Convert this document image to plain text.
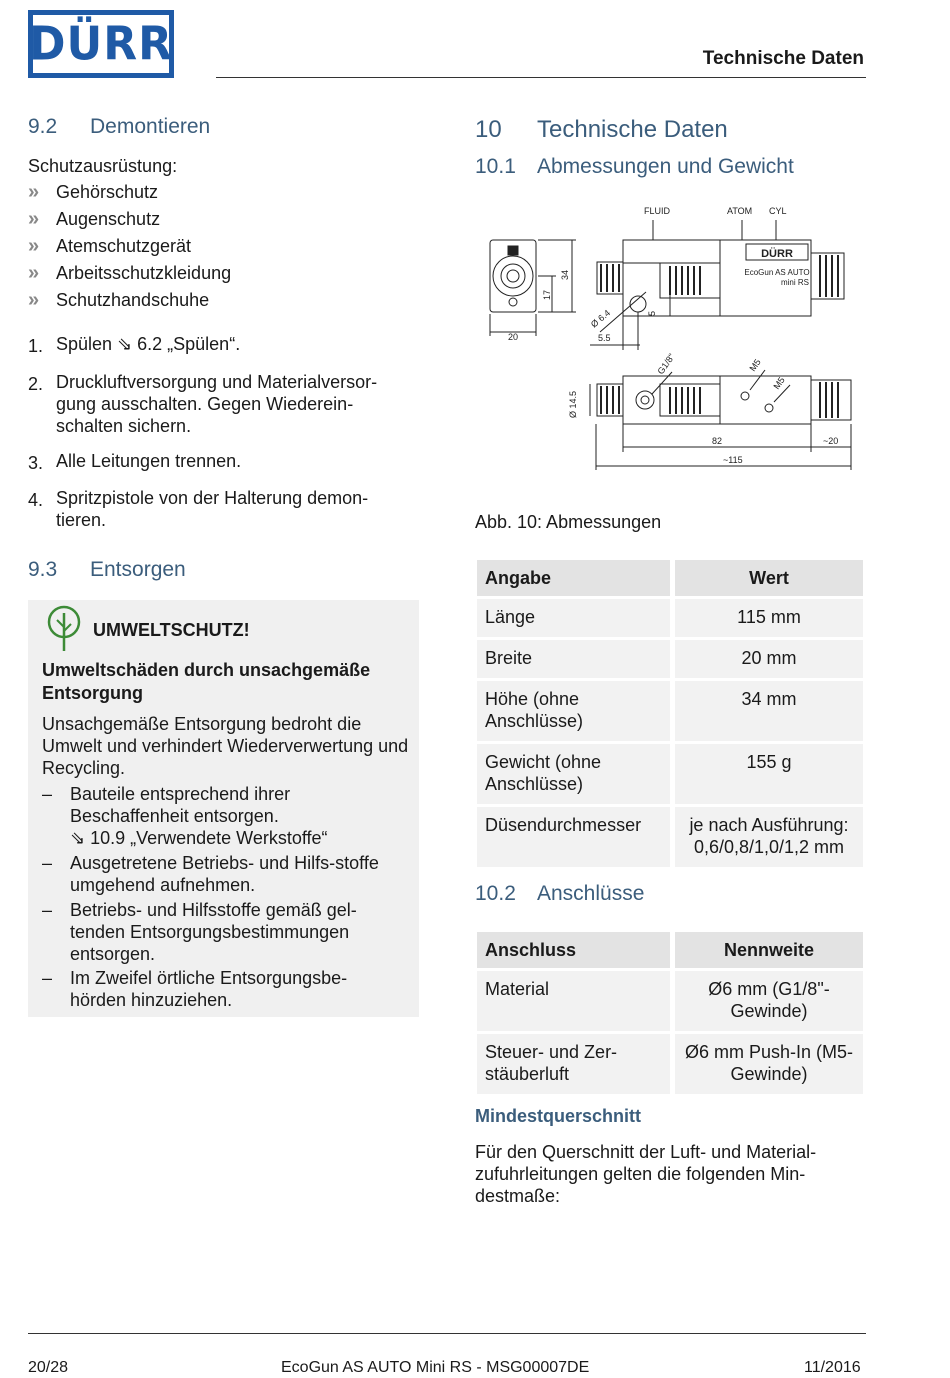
DÜRR	Technische Daten
9.2 Demontieren
Schutzausrüstung:
» Gehörschutz
» Augenschutz
» Atemschutzgerät
» Arbeitsschutzkleidung
» Schutzhandschuhe
1. Spülen ⇘ 6.2 „Spülen“.
2. Druckluftversorgung und Materialversor-gung ausschalten. Gegen Wiederein-schalten sichern.
3. Alle Leitungen trennen.
4. Spritzpistole von der Halterung demon-tieren.
9.3 Entsorgen
UMWELTSCHUTZ!
Umweltschäden durch unsachgemäße Entsorgung
Unsachgemäße Entsorgung bedroht die Umwelt und verhindert Wiederverwertung und Recycling.
– Bauteile entsprechend ihrer Beschaffenheit entsorgen.
⇘ 10.9 „Verwendete Werkstoffe“
– Ausgetretene Betriebs- und Hilfs-stoffe umgehend aufnehmen.
– Betriebs- und Hilfsstoffe gemäß gel-tenden Entsorgungsbestimmungen entsorgen.
– Im Zweifel örtliche Entsorgungsbe-hörden hinzuziehen.
10 Technische Daten
10.1 Abmessungen und Gewicht
DÜRR
EcoGun AS AUTO
mini RS
FLUID	ATOM CYL
20
34
17
Ø 6.4
5.5
5
G1/8"	M5
M5
Ø 14.5
82	~20
~115
Abb. 10: Abmessungen
Angabe	Wert
Länge	115 mm
Breite	20 mm
Höhe (ohne Anschlüsse)	34 mm
Gewicht (ohne Anschlüsse)	155 g
Düsendurchmesser	je nach Ausführung: 0,6/0,8/1,0/1,2 mm
10.2 Anschlüsse
Anschluss	Nennweite
Material	Ø6 mm (G1/8"-Gewinde)
Steuer- und Zer-stäuberluft	Ø6 mm Push-In (M5-Gewinde)
Mindestquerschnitt
Für den Querschnitt der Luft- und Material-zufuhrleitungen gelten die folgenden Min-destmaße:
20/28	EcoGun AS AUTO Mini RS - MSG00007DE	11/2016
